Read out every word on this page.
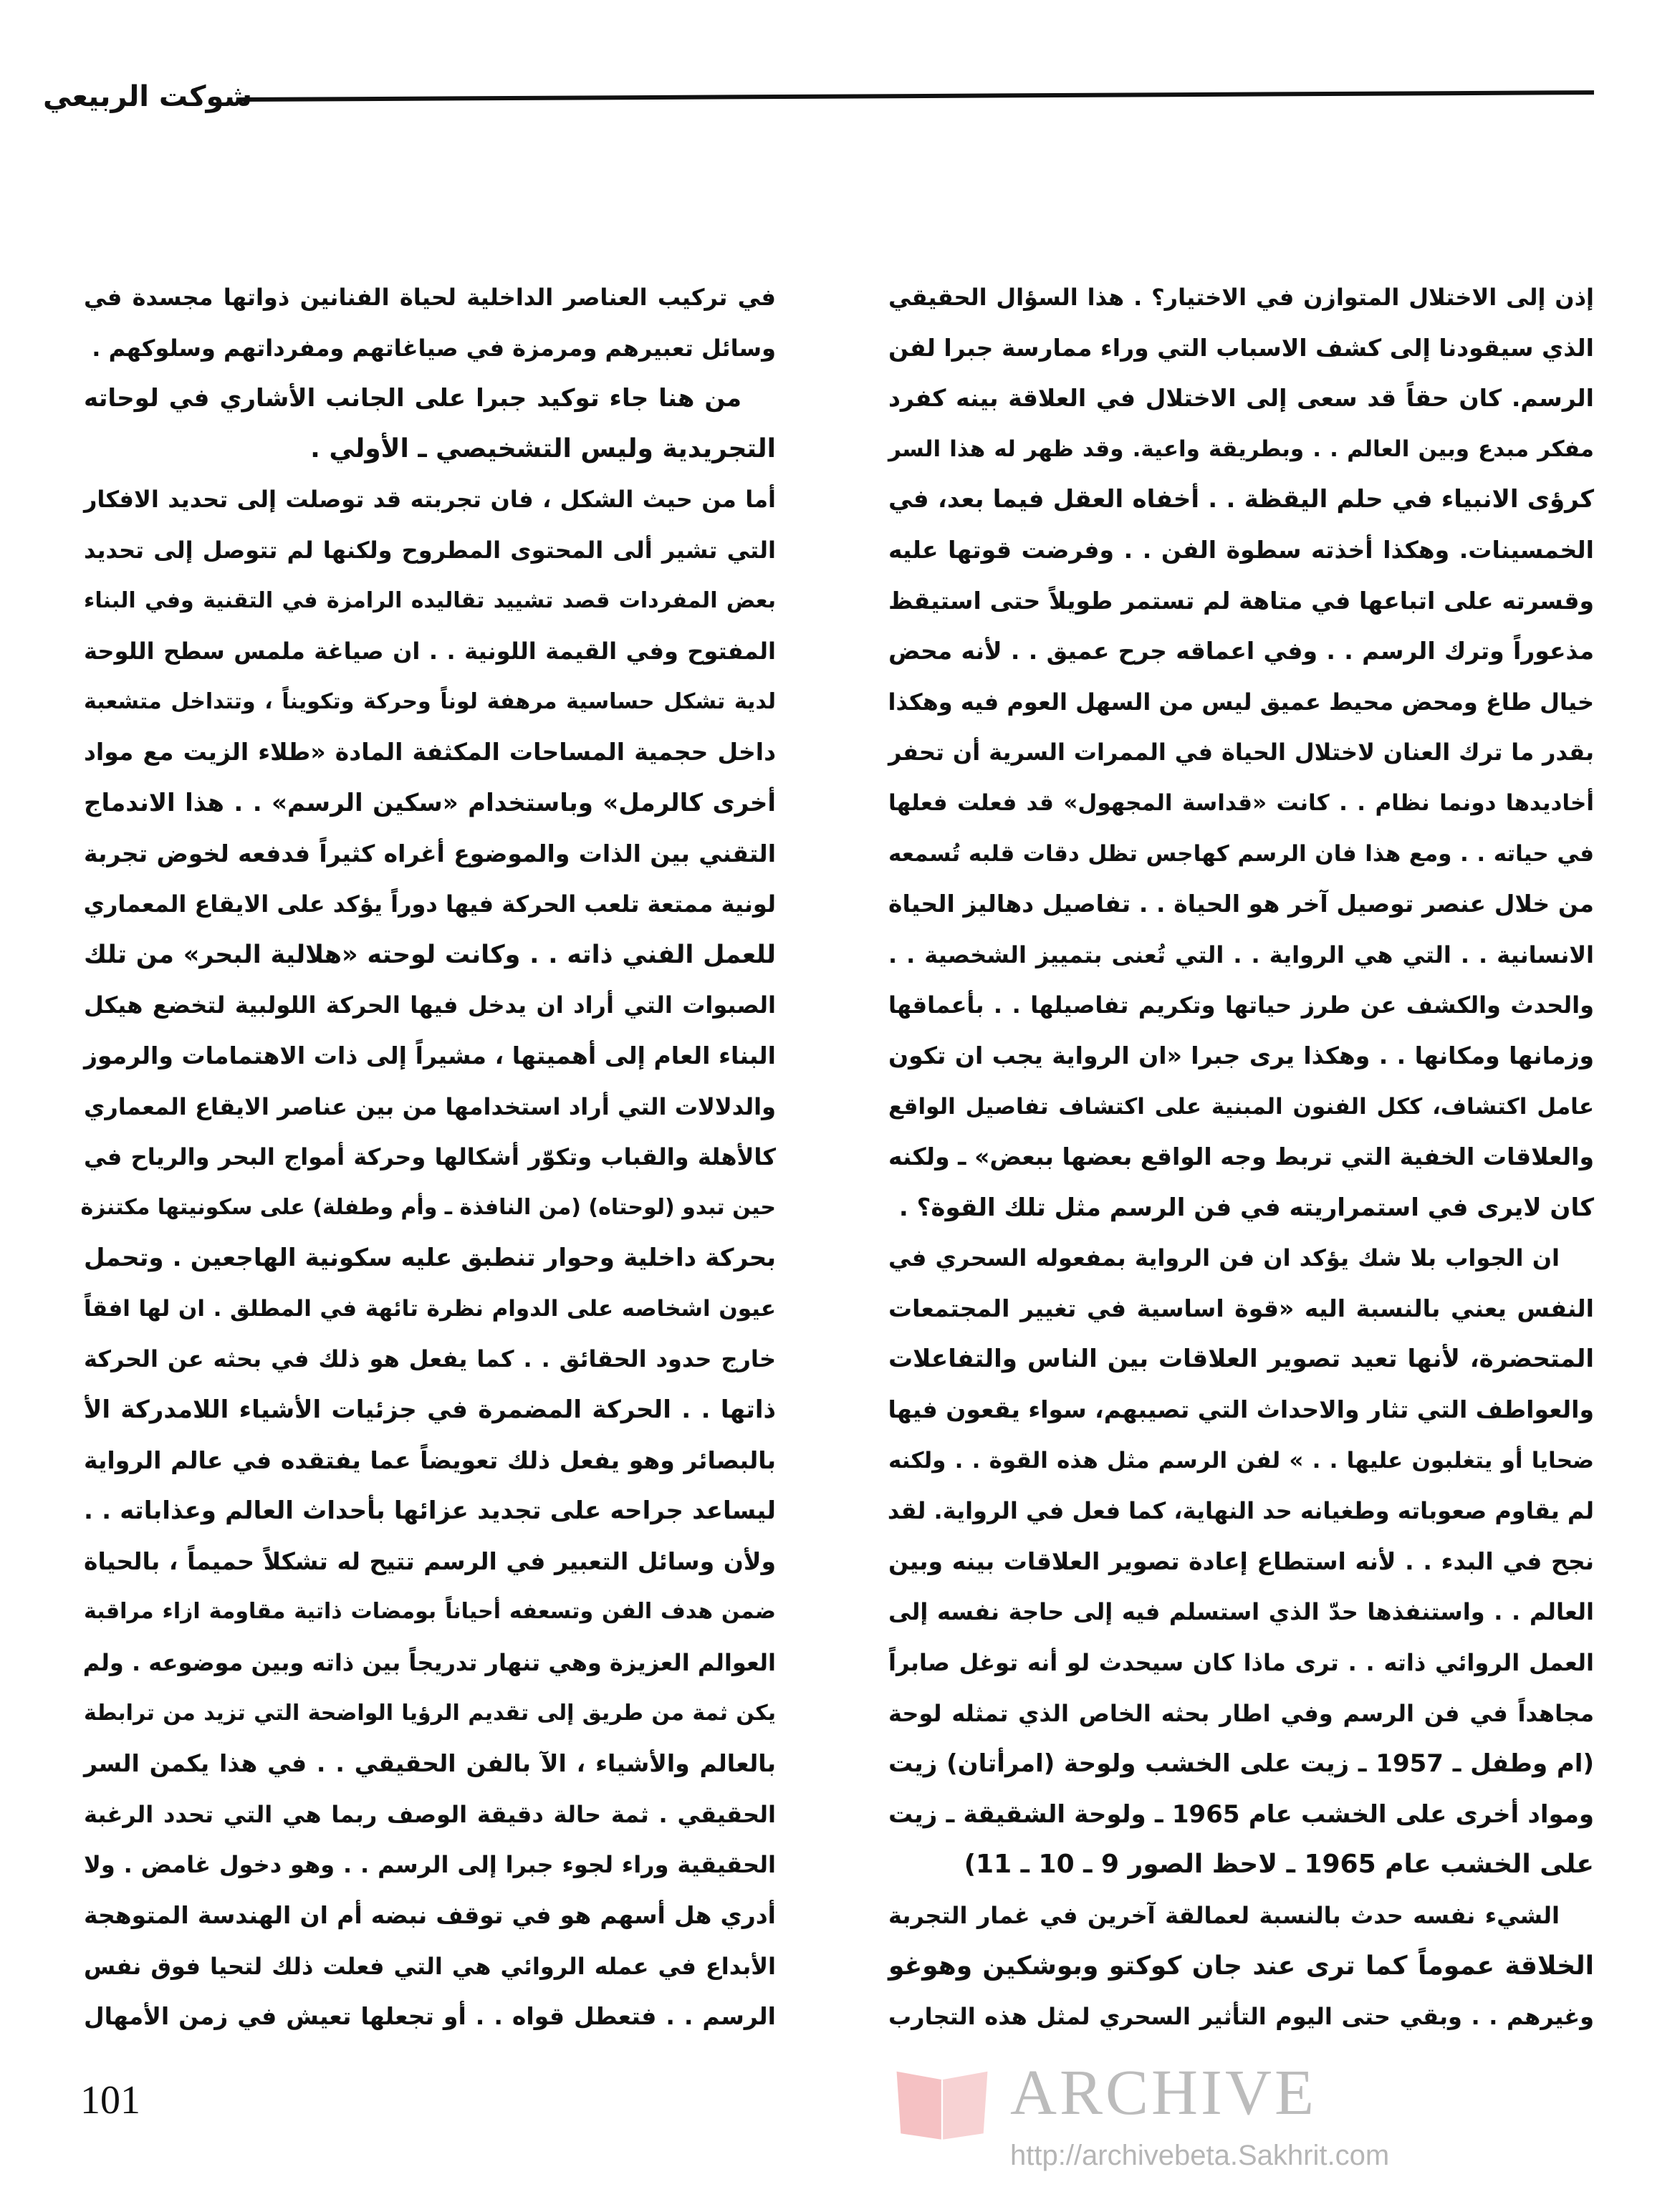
شوكت الربيعي
إذن إلى الاختلال المتوازن في الاختيار؟ . هذا السؤال الحقيقي
الذي سيقودنا إلى كشف الاسباب التي وراء ممارسة جبرا لفن
الرسم. كان حقاً قد سعى إلى الاختلال في العلاقة بينه كفرد
مفكر مبدع وبين العالم . . وبطريقة واعية. وقد ظهر له هذا السر
كرؤى الانبياء في حلم اليقظة . . أخفاه العقل فيما بعد، في
الخمسينات. وهكذا أخذته سطوة الفن . . وفرضت قوتها عليه
وقسرته على اتباعها في متاهة لم تستمر طويلاً حتى استيقظ
مذعوراً وترك الرسم . . وفي اعماقه جرح عميق . . لأنه محض
خيال طاغ ومحض محيط عميق ليس من السهل العوم فيه وهكذا
بقدر ما ترك العنان لاختلال الحياة في الممرات السرية أن تحفر
أخاديدها دونما نظام . . كانت «قداسة المجهول» قد فعلت فعلها
في حياته . . ومع هذا فان الرسم كهاجس تظل دقات قلبه تُسمعه
من خلال عنصر توصيل آخر هو الحياة . . تفاصيل دهاليز الحياة
الانسانية . . التي هي الرواية . . التي تُعنى بتمييز الشخصية . .
والحدث والكشف عن طرز حياتها وتكريم تفاصيلها . . بأعماقها
وزمانها ومكانها . . وهكذا يرى جبرا «ان الرواية يجب ان تكون
عامل اكتشاف، ككل الفنون المبنية على اكتشاف تفاصيل الواقع
والعلاقات الخفية التي تربط وجه الواقع بعضها ببعض» ـ ولكنه
كان لايرى في استمراريته في فن الرسم مثل تلك القوة؟ .
ان الجواب بلا شك يؤكد ان فن الرواية بمفعوله السحري في
النفس يعني بالنسبة اليه «قوة اساسية في تغيير المجتمعات
المتحضرة، لأنها تعيد تصوير العلاقات بين الناس والتفاعلات
والعواطف التي تثار والاحداث التي تصيبهم، سواء يقعون فيها
ضحايا أو يتغلبون عليها . . » لفن الرسم مثل هذه القوة . . ولكنه
لم يقاوم صعوباته وطغيانه حد النهاية، كما فعل في الرواية. لقد
نجح في البدء . . لأنه استطاع إعادة تصوير العلاقات بينه وبين
العالم . . واستنفذها حدّ الذي استسلم فيه إلى حاجة نفسه إلى
العمل الروائي ذاته . . ترى ماذا كان سيحدث لو أنه توغل صابراً
مجاهداً في فن الرسم وفي اطار بحثه الخاص الذي تمثله لوحة
(ام وطفل ـ 1957 ـ زيت على الخشب ولوحة (امرأتان) زيت
ومواد أخرى على الخشب عام 1965 ـ ولوحة الشقيقة ـ زيت
على الخشب عام 1965 ـ لاحظ الصور 9 ـ 10 ـ 11)
الشيء نفسه حدث بالنسبة لعمالقة آخرين في غمار التجربة
الخلاقة عموماً كما ترى عند جان كوكتو وبوشكين وهوغو
وغيرهم . . وبقي حتى اليوم التأثير السحري لمثل هذه التجارب
في تركيب العناصر الداخلية لحياة الفنانين ذواتها مجسدة في
وسائل تعبيرهم ومرمزة في صياغاتهم ومفرداتهم وسلوكهم .
من هنا جاء توكيد جبرا على الجانب الأشاري في لوحاته
التجريدية وليس التشخيصي ـ الأولي .
أما من حيث الشكل ، فان تجربته قد توصلت إلى تحديد الافكار
التي تشير ألى المحتوى المطروح ولكنها لم تتوصل إلى تحديد
بعض المفردات قصد تشييد تقاليده الرامزة في التقنية وفي البناء
المفتوح وفي القيمة اللونية . . ان صياغة ملمس سطح اللوحة
لدية تشكل حساسية مرهفة لوناً وحركة وتكويناً ، وتتداخل متشعبة
داخل حجمية المساحات المكثفة المادة «طلاء الزيت مع مواد
أخرى كالرمل» وباستخدام «سكين الرسم» . . هذا الاندماج
التقني بين الذات والموضوع أغراه كثيراً فدفعه لخوض تجربة
لونية ممتعة تلعب الحركة فيها دوراً يؤكد على الايقاع المعماري
للعمل الفني ذاته . . وكانت لوحته «هلالية البحر» من تلك
الصبوات التي أراد ان يدخل فيها الحركة اللولبية لتخضع هيكل
البناء العام إلى أهميتها ، مشيراً إلى ذات الاهتمامات والرموز
والدلالات التي أراد استخدامها من بين عناصر الايقاع المعماري
كالأهلة والقباب وتكوّر أشكالها وحركة أمواج البحر والرياح في
حين تبدو (لوحتاه) (من النافذة ـ وأم وطفلة) على سكونيتها مكتنزة
بحركة داخلية وحوار تنطبق عليه سكونية الهاجعين . وتحمل
عيون اشخاصه على الدوام نظرة تائهة في المطلق . ان لها افقاً
خارج حدود الحقائق . . كما يفعل هو ذلك في بحثه عن الحركة
ذاتها . . الحركة المضمرة في جزئيات الأشياء اللامدركة الأ
بالبصائر وهو يفعل ذلك تعويضاً عما يفتقده في عالم الرواية
ليساعد جراحه على تجديد عزائها بأحداث العالم وعذاباته . .
ولأن وسائل التعبير في الرسم تتيح له تشكلاً حميماً ، بالحياة
ضمن هدف الفن وتسعفه أحياناً بومضات ذاتية مقاومة ازاء مراقبة
العوالم العزيزة وهي تنهار تدريجاً بين ذاته وبين موضوعه . ولم
يكن ثمة من طريق إلى تقديم الرؤيا الواضحة التي تزيد من ترابطة
بالعالم والأشياء ، الآ بالفن الحقيقي . . في هذا يكمن السر
الحقيقي . ثمة حالة دقيقة الوصف ربما هي التي تحدد الرغبة
الحقيقية وراء لجوء جبرا إلى الرسم . . وهو دخول غامض . ولا
أدري هل أسهم هو في توقف نبضه أم ان الهندسة المتوهجة
الأبداع في عمله الروائي هي التي فعلت ذلك لتحيا فوق نفس
الرسم . . فتعطل قواه . . أو تجعلها تعيش في زمن الأمهال
101	ARCHIVE
http://archivebeta.Sakhrit.com
